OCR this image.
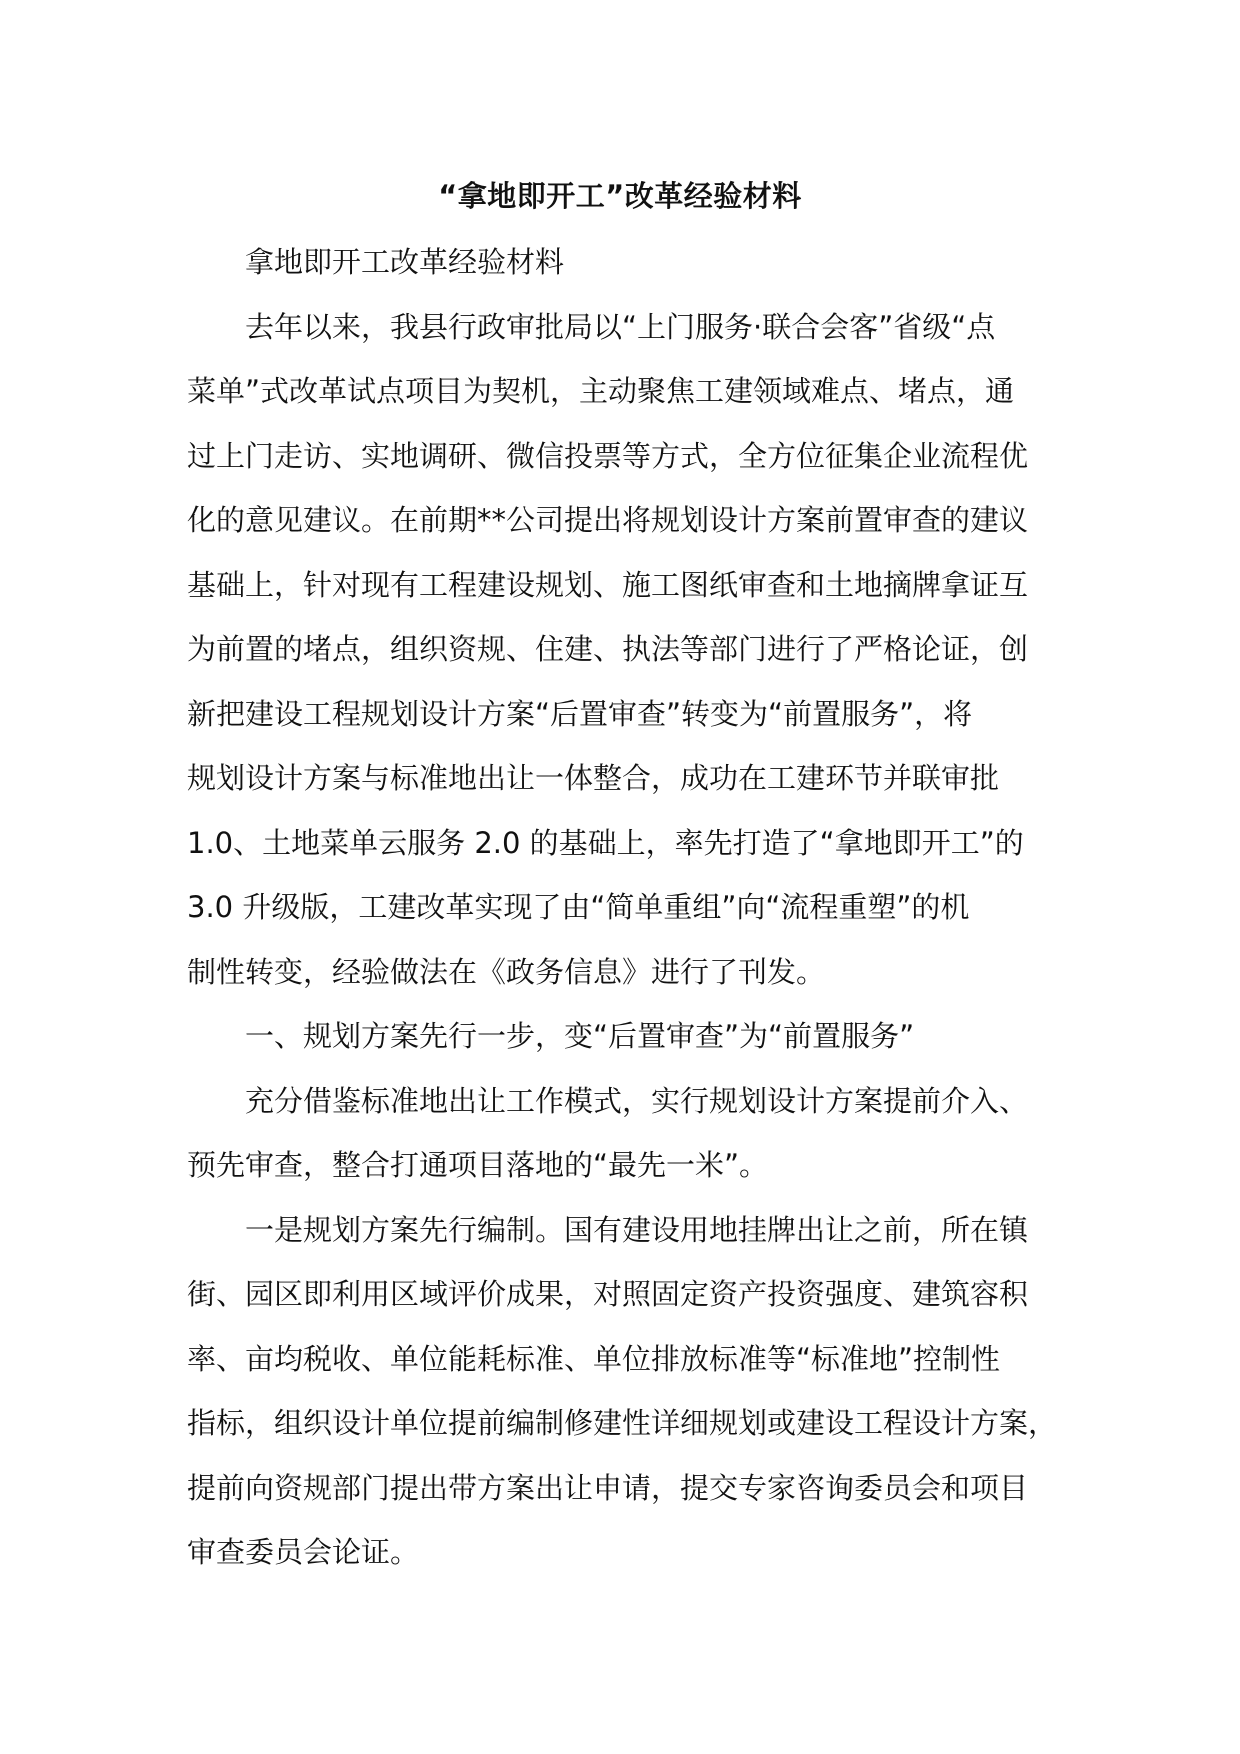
“拿地即开工”改革经验材料
拿地即开工改革经验材料
去年以来，我县行政审批局以“上门服务·联合会客”省级“点
菜单”式改革试点项目为契机，主动聚焦工建领域难点、堵点，通
过上门走访、实地调研、微信投票等方式，全方位征集企业流程优
化的意见建议。在前期**公司提出将规划设计方案前置审查的建议
基础上，针对现有工程建设规划、施工图纸审查和土地摘牌拿证互
为前置的堵点，组织资规、住建、执法等部门进行了严格论证，创
新把建设工程规划设计方案“后置审查”转变为“前置服务”，将
规划设计方案与标准地出让一体整合，成功在工建环节并联审批
1.0、土地菜单云服务 2.0 的基础上，率先打造了“拿地即开工”的
3.0 升级版，工建改革实现了由“简单重组”向“流程重塑”的机
制性转变，经验做法在《政务信息》进行了刊发。
一、规划方案先行一步，变“后置审查”为“前置服务”
充分借鉴标准地出让工作模式，实行规划设计方案提前介入、
预先审查，整合打通项目落地的“最先一米”。
一是规划方案先行编制。国有建设用地挂牌出让之前，所在镇
街、园区即利用区域评价成果，对照固定资产投资强度、建筑容积
率、亩均税收、单位能耗标准、单位排放标准等“标准地”控制性
指标，组织设计单位提前编制修建性详细规划或建设工程设计方案，
提前向资规部门提出带方案出让申请，提交专家咨询委员会和项目
审查委员会论证。
